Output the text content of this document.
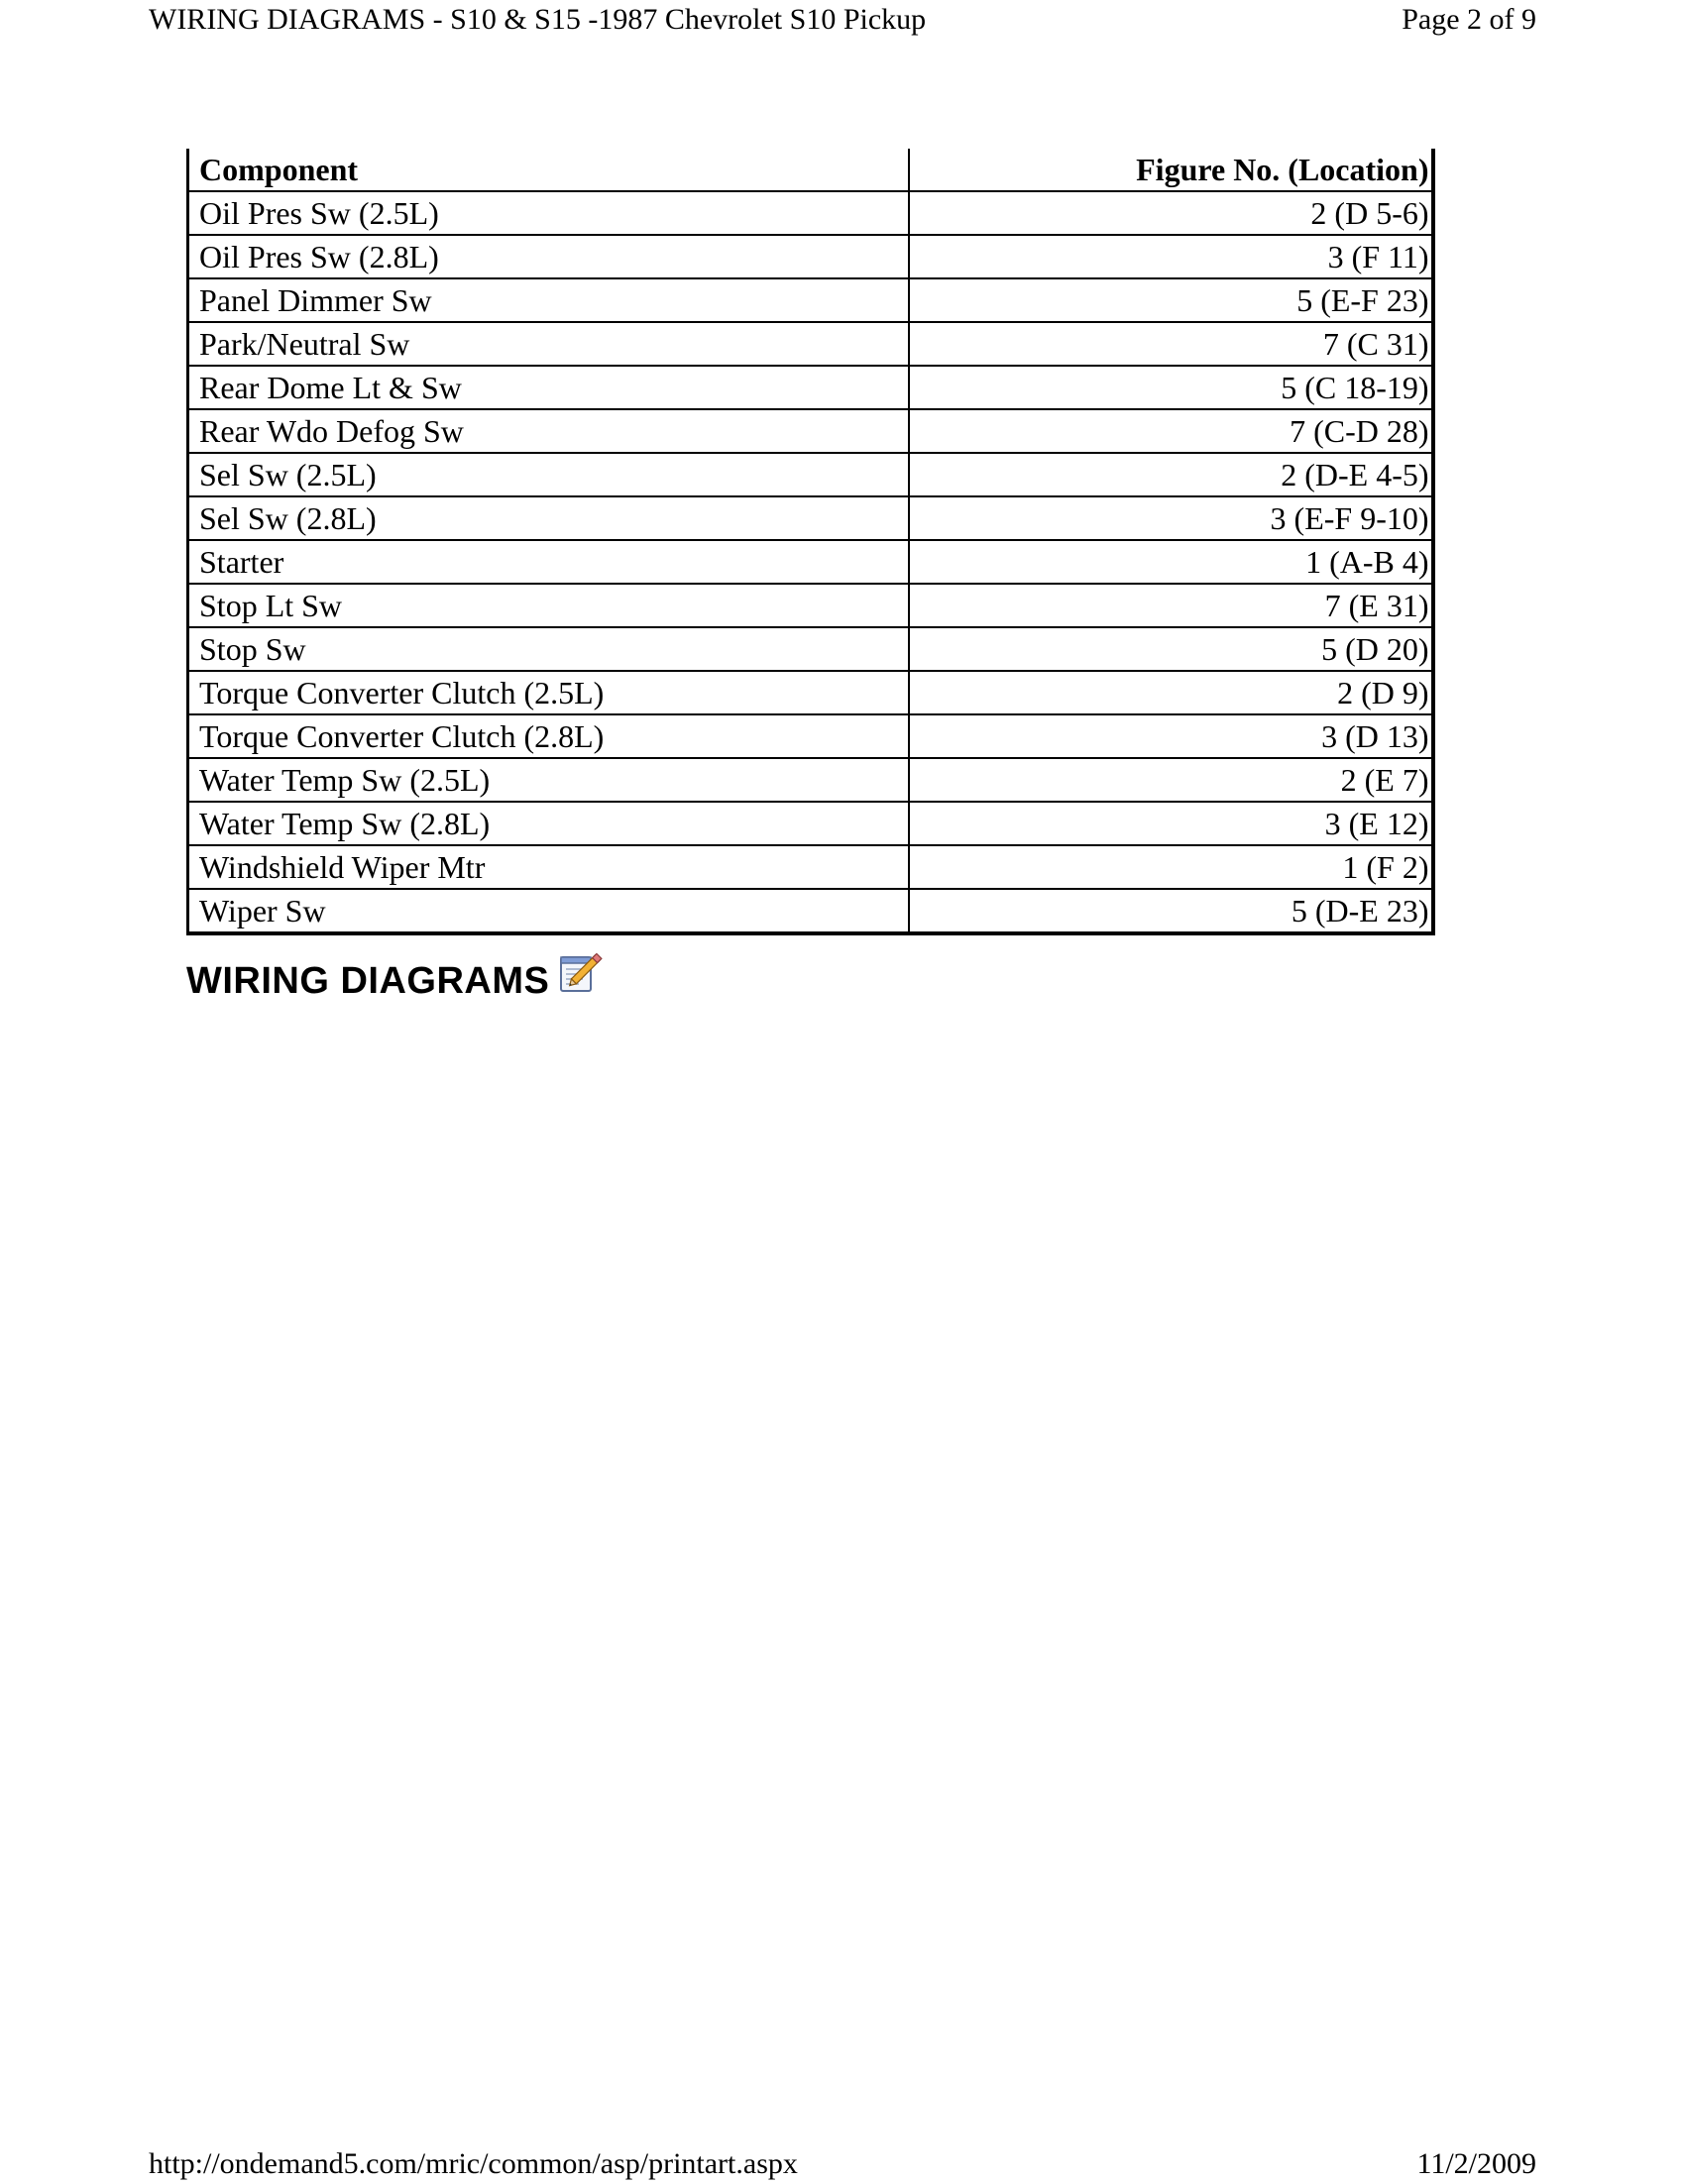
WIRING DIAGRAMS - S10 & S15 -1987 Chevrolet S10 Pickup	Page 2 of 9
Component	Figure No. (Location)
Oil Pres Sw (2.5L)	2 (D 5-6)
Oil Pres Sw (2.8L)	3 (F 11)
Panel Dimmer Sw	5 (E-F 23)
Park/Neutral Sw	7 (C 31)
Rear Dome Lt & Sw	5 (C 18-19)
Rear Wdo Defog Sw	7 (C-D 28)
Sel Sw (2.5L)	2 (D-E 4-5)
Sel Sw (2.8L)	3 (E-F 9-10)
Starter	1 (A-B 4)
Stop Lt Sw	7 (E 31)
Stop Sw	5 (D 20)
Torque Converter Clutch (2.5L)	2 (D 9)
Torque Converter Clutch (2.8L)	3 (D 13)
Water Temp Sw (2.5L)	2 (E 7)
Water Temp Sw (2.8L)	3 (E 12)
Windshield Wiper Mtr	1 (F 2)
Wiper Sw	5 (D-E 23)
WIRING DIAGRAMS
http://ondemand5.com/mric/common/asp/printart.aspx	11/2/2009
